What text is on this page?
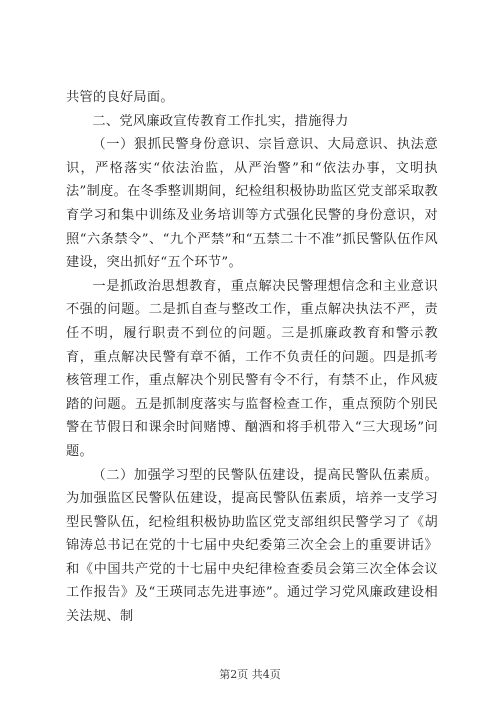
共管的良好局面。

二、党风廉政宣传教育工作扎实，措施得力

（一）狠抓民警身份意识、宗旨意识、大局意识、执法意识，严格落实“依法治监，从严治警”和“依法办事，文明执法”制度。在冬季整训期间，纪检组积极协助监区党支部采取教育学习和集中训练及业务培训等方式强化民警的身份意识，对照“六条禁令”、“九个严禁”和“五禁二十不准”抓民警队伍作风建设，突出抓好“五个环节”。

一是抓政治思想教育，重点解决民警理想信念和主业意识不强的问题。二是抓自查与整改工作，重点解决执法不严，责任不明，履行职责不到位的问题。三是抓廉政教育和警示教育，重点解决民警有章不循，工作不负责任的问题。四是抓考核管理工作，重点解决个别民警有令不行，有禁不止，作风疲踏的问题。五是抓制度落实与监督检查工作，重点预防个别民警在节假日和课余时间赌博、酗酒和将手机带入“三大现场”问题。

（二）加强学习型的民警队伍建设，提高民警队伍素质。为加强监区民警队伍建设，提高民警队伍素质，培养一支学习型民警队伍，纪检组积极协助监区党支部组织民警学习了《胡锦涛总书记在党的十七届中央纪委第三次全会上的重要讲话》和《中国共产党的十七届中央纪律检查委员会第三次全体会议工作报告》及“王瑛同志先进事迹”。通过学习党风廉政建设相关法规、制

第2页 共4页
